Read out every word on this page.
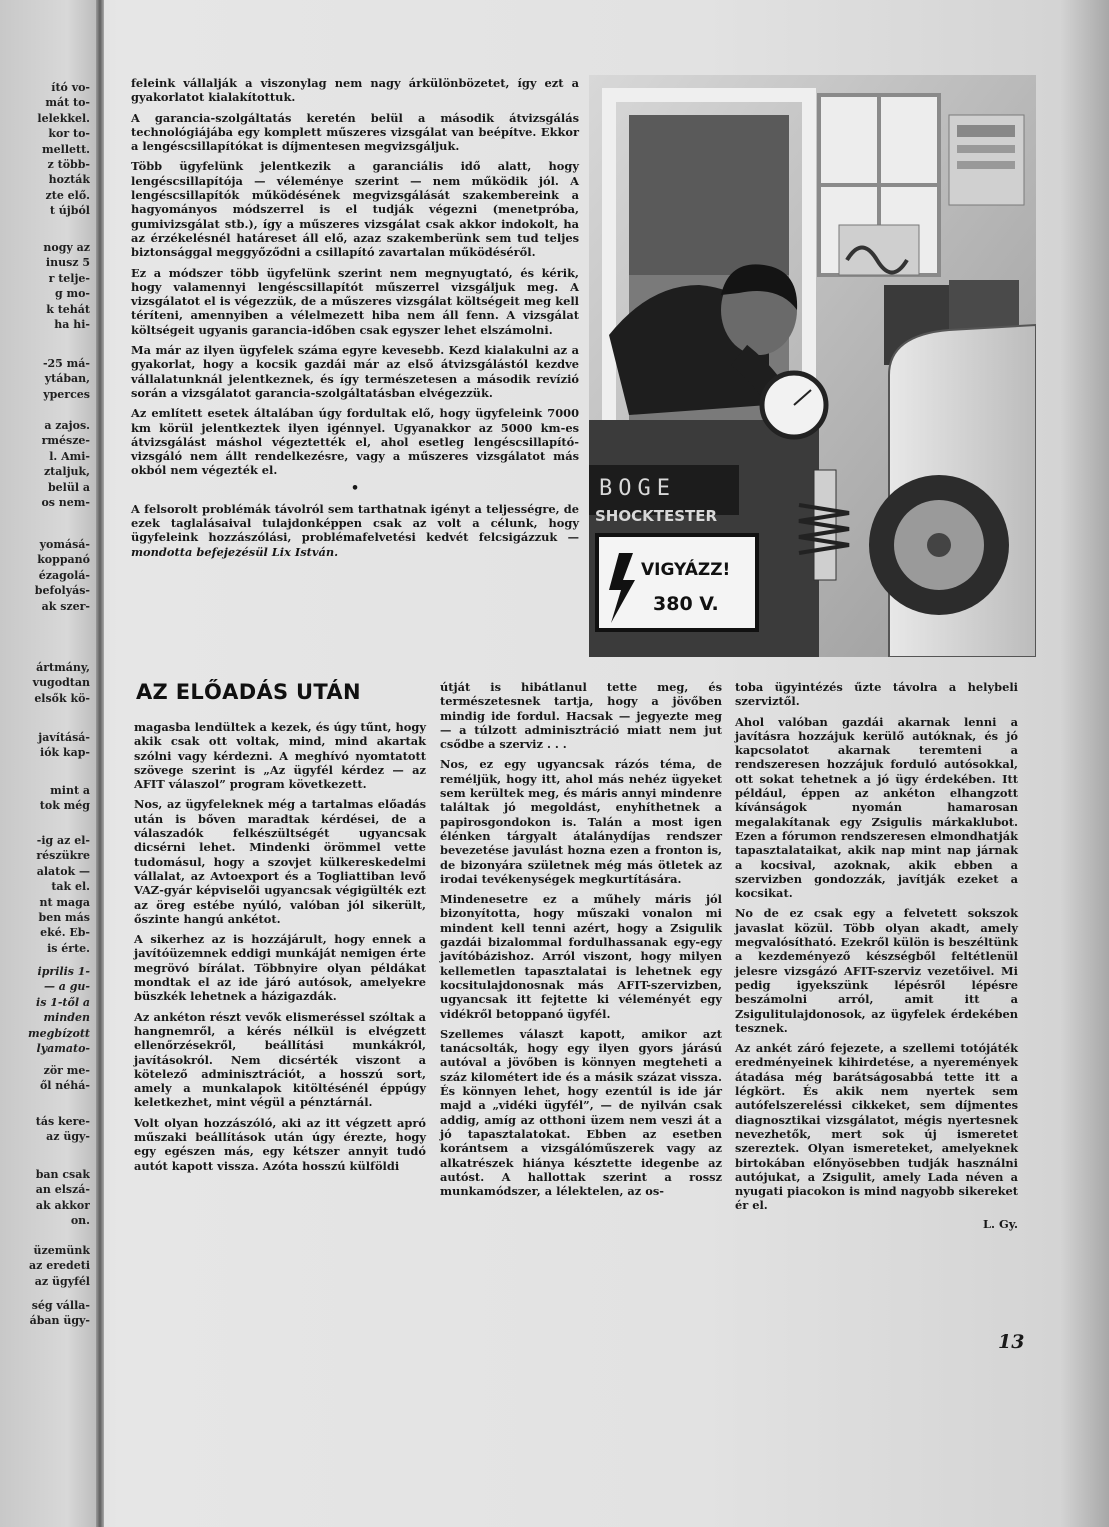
ító vo-
mát to-
lelekkel.
kor to-
mellett.
z több-
hozták
zte elő.
t újból
nogy az
inusz 5
r telje-
g mo-
k tehát
ha hi-
-25 má-
ytában,
yperces
a zajos.
rmésze-
l. Ami-
ztaljuk,
belül a
os nem-
yomásá-
koppanó
ézagolá-
befolyás-
ak szer-
ártmány,
vugodtan
elsők kö-
javításá-
iók kap-
mint a
tok még
-ig az el-
részükre
alatok —
tak el.
nt maga
ben más
eké. Eb-
is érte.
iprilis 1-
— a gu-
is 1-től a
minden
megbízott
lyamato-
zör me-
ől néhá-
tás kere-
az ügy-
ban csak
an elszá-
ak akkor
on.
üzemünk
az eredeti
az ügyfél
ség válla-
ában ügy-

feleink vállalják a viszonylag nem nagy árkülönbözetet, így ezt a gyakorlatot kialakítottuk.

A garancia-szolgáltatás keretén belül a második átvizsgálás technológiájába egy komplett műszeres vizsgálat van beépítve. Ekkor a lengéscsillapítókat is díjmentesen megvizsgáljuk.

Több ügyfelünk jelentkezik a garanciális idő alatt, hogy lengéscsillapítója — véleménye szerint — nem működik jól. A lengéscsillapítók működésének megvizsgálását szakembereink a hagyományos módszerrel is el tudják végezni (menetpróba, gumivizsgálat stb.), így a műszeres vizsgálat csak akkor indokolt, ha az érzékelésnél határeset áll elő, azaz szakemberünk sem tud teljes biztonsággal meggyőződni a csillapító zavartalan működéséről.

Ez a módszer több ügyfelünk szerint nem megnyugtató, és kérik, hogy valamennyi lengéscsillapítót műszerrel vizsgáljuk meg. A vizsgálatot el is végezzük, de a műszeres vizsgálat költségeit meg kell téríteni, amennyiben a vélelmezett hiba nem áll fenn. A vizsgálat költségeit ugyanis garancia-időben csak egyszer lehet elszámolni.

Ma már az ilyen ügyfelek száma egyre kevesebb. Kezd kialakulni az a gyakorlat, hogy a kocsik gazdái már az első átvizsgálástól kezdve vállalatunknál jelentkeznek, és így természetesen a második revízió során a vizsgálatot garancia-szolgáltatásban elvégezzük.

Az említett esetek általában úgy fordultak elő, hogy ügyfeleink 7000 km körül jelentkeztek ilyen igénnyel. Ugyanakkor az 5000 km-es átvizsgálást máshol végeztették el, ahol esetleg lengéscsillapító-vizsgáló nem állt rendelkezésre, vagy a műszeres vizsgálatot más okból nem végezték el.

•

A felsorolt problémák távolról sem tarthatnak igényt a teljességre, de ezek taglalásaival tulajdonképpen csak az volt a célunk, hogy ügyfeleink hozzászólási, problémafelvetési kedvét felcsigázzuk — mondotta befejezésül Lix István.

BOGE
SHOCKTESTER
VIGYÁZZ!
380 V.
AZ ELŐADÁS UTÁN

magasba lendültek a kezek, és úgy tűnt, hogy akik csak ott voltak, mind, mind akartak szólni vagy kérdezni. A meghívó nyomtatott szövege szerint is „Az ügyfél kérdez — az AFIT válaszol” program következett.

Nos, az ügyfeleknek még a tartalmas előadás után is bőven maradtak kérdései, de a válaszadók felkészültségét ugyancsak dicsérni lehet. Mindenki örömmel vette tudomásul, hogy a szovjet külkereskedelmi vállalat, az Avtoexport és a Togliattiban levő VAZ-gyár képviselői ugyancsak végigülték ezt az öreg estébe nyúló, valóban jól sikerült, őszinte hangú ankétot.

A sikerhez az is hozzájárult, hogy ennek a javítóüzemnek eddigi munkáját nemigen érte megrövó bírálat. Többnyire olyan példákat mondtak el az ide járó autósok, amelyekre büszkék lehetnek a házigazdák.

Az ankéton részt vevők elismeréssel szóltak a hangnemről, a kérés nélkül is elvégzett ellenőrzésekről, beállítási munkákról, javításokról. Nem dicsérték viszont a kötelező adminisztrációt, a hosszú sort, amely a munkalapok kitöltésénél éppúgy keletkezhet, mint végül a pénztárnál.

Volt olyan hozzászóló, aki az itt végzett apró műszaki beállítások után úgy érezte, hogy egy egészen más, egy kétszer annyit tudó autót kapott vissza. Azóta hosszú külföldi

útját is hibátlanul tette meg, és természetesnek tartja, hogy a jövőben mindig ide fordul. Hacsak — jegyezte meg — a túlzott adminisztráció miatt nem jut csődbe a szerviz . . .

Nos, ez egy ugyancsak rázós téma, de reméljük, hogy itt, ahol más nehéz ügyeket sem kerültek meg, és máris annyi mindenre találtak jó megoldást, enyhíthetnek a papirosgondokon is. Talán a most igen élénken tárgyalt átalánydíjas rendszer bevezetése javulást hozna ezen a fronton is, de bizonyára születnek még más ötletek az irodai tevékenységek megkurtítására.

Mindenesetre ez a műhely máris jól bizonyította, hogy műszaki vonalon mi mindent kell tenni azért, hogy a Zsigulik gazdái bizalommal fordulhassanak egy-egy javítóbázishoz. Arról viszont, hogy milyen kellemetlen tapasztalatai is lehetnek egy kocsitulajdonosnak más AFIT-szervizben, ugyancsak itt fejtette ki véleményét egy vidékről betoppanó ügyfél.

Szellemes választ kapott, amikor azt tanácsolták, hogy egy ilyen gyors járású autóval a jövőben is könnyen megteheti a száz kilométert ide és a másik százat vissza. És könnyen lehet, hogy ezentúl is ide jár majd a „vidéki ügyfél”, — de nyilván csak addig, amíg az otthoni üzem nem veszi át a jó tapasztalatokat. Ebben az esetben korántsem a vizsgálóműszerek vagy az alkatrészek hiánya késztette idegenbe az autóst. A hallottak szerint a rossz munkamódszer, a lélektelen, az os-

toba ügyintézés űzte távolra a helybeli szerviztől.

Ahol valóban gazdái akarnak lenni a javításra hozzájuk kerülő autóknak, és jó kapcsolatot akarnak teremteni a rendszeresen hozzájuk forduló autósokkal, ott sokat tehetnek a jó ügy érdekében. Itt például, éppen az ankéton elhangzott kívánságok nyomán hamarosan megalakítanak egy Zsigulis márkaklubot. Ezen a fórumon rendszeresen elmondhatják tapasztalataikat, akik nap mint nap járnak a kocsival, azoknak, akik ebben a szervizben gondozzák, javítják ezeket a kocsikat.

No de ez csak egy a felvetett sokszok javaslat közül. Több olyan akadt, amely megvalósítható. Ezekről külön is beszéltünk a kezdeményező készségből feltétlenül jelesre vizsgázó AFIT-szerviz vezetőivel. Mi pedig igyekszünk lépésről lépésre beszámolni arról, amit itt a Zsigulitulajdonosok, az ügyfelek érdekében tesznek.

Az ankét záró fejezete, a szellemi totójáték eredményeinek kihirdetése, a nyeremények átadása még barátságosabbá tette itt a légkört. És akik nem nyertek sem autófelszereléssi cikkeket, sem díjmentes diagnosztikai vizsgálatot, mégis nyertesnek nevezhetők, mert sok új ismeretet szereztek. Olyan ismereteket, amelyeknek birtokában előnyösebben tudják használni autójukat, a Zsigulit, amely Lada néven a nyugati piacokon is mind nagyobb sikereket ér el.

L. Gy.
13
